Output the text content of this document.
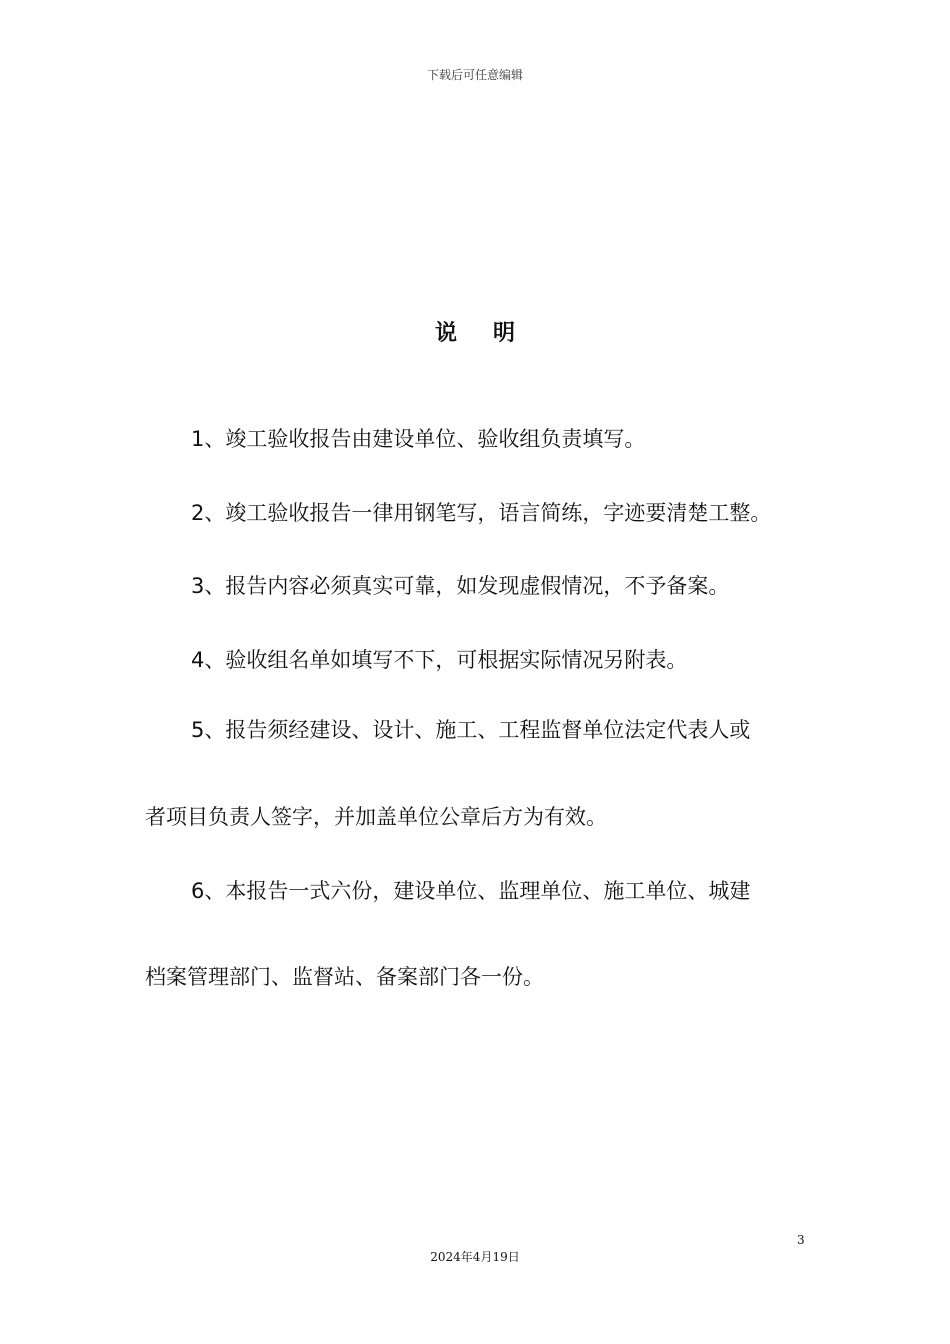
下载后可任意编辑
说明
1、竣工验收报告由建设单位、验收组负责填写。
2、竣工验收报告一律用钢笔写，语言简练，字迹要清楚工整。
3、报告内容必须真实可靠，如发现虚假情况，不予备案。
4、验收组名单如填写不下，可根据实际情况另附表。
5、报告须经建设、设计、施工、工程监督单位法定代表人或
者项目负责人签字，并加盖单位公章后方为有效。
6、本报告一式六份，建设单位、监理单位、施工单位、城建
档案管理部门、监督站、备案部门各一份。
3
2024年4月19日
